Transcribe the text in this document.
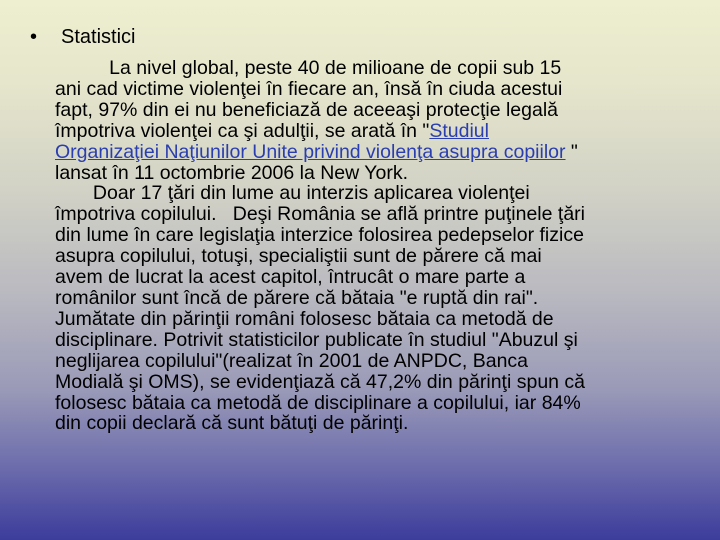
• Statistici
La nivel global, peste 40 de milioane de copii sub 15
ani cad victime violenţei în fiecare an, însă în ciuda acestui
fapt, 97% din ei nu beneficiază de aceeaşi protecţie legală
împotriva violenţei ca şi adulţii, se arată în "Studiul
Organizaţiei Naţiunilor Unite privind violenţa asupra copiilor "
lansat în 11 octombrie 2006 la New York.
Doar 17 ţări din lume au interzis aplicarea violenţei
împotriva copilului.   Deşi România se află printre puţinele ţări
din lume în care legislaţia interzice folosirea pedepselor fizice
asupra copilului, totuşi, specialiştii sunt de părere că mai
avem de lucrat la acest capitol, întrucât o mare parte a
românilor sunt încă de părere că bătaia "e ruptă din rai".
Jumătate din părinţii români folosesc bătaia ca metodă de
disciplinare. Potrivit statisticilor publicate în studiul "Abuzul şi
neglijarea copilului"(realizat în 2001 de ANPDC, Banca
Modială şi OMS), se evidenţiază că 47,2% din părinţi spun că
folosesc bătaia ca metodă de disciplinare a copilului, iar 84%
din copii declară că sunt bătuţi de părinţi.
